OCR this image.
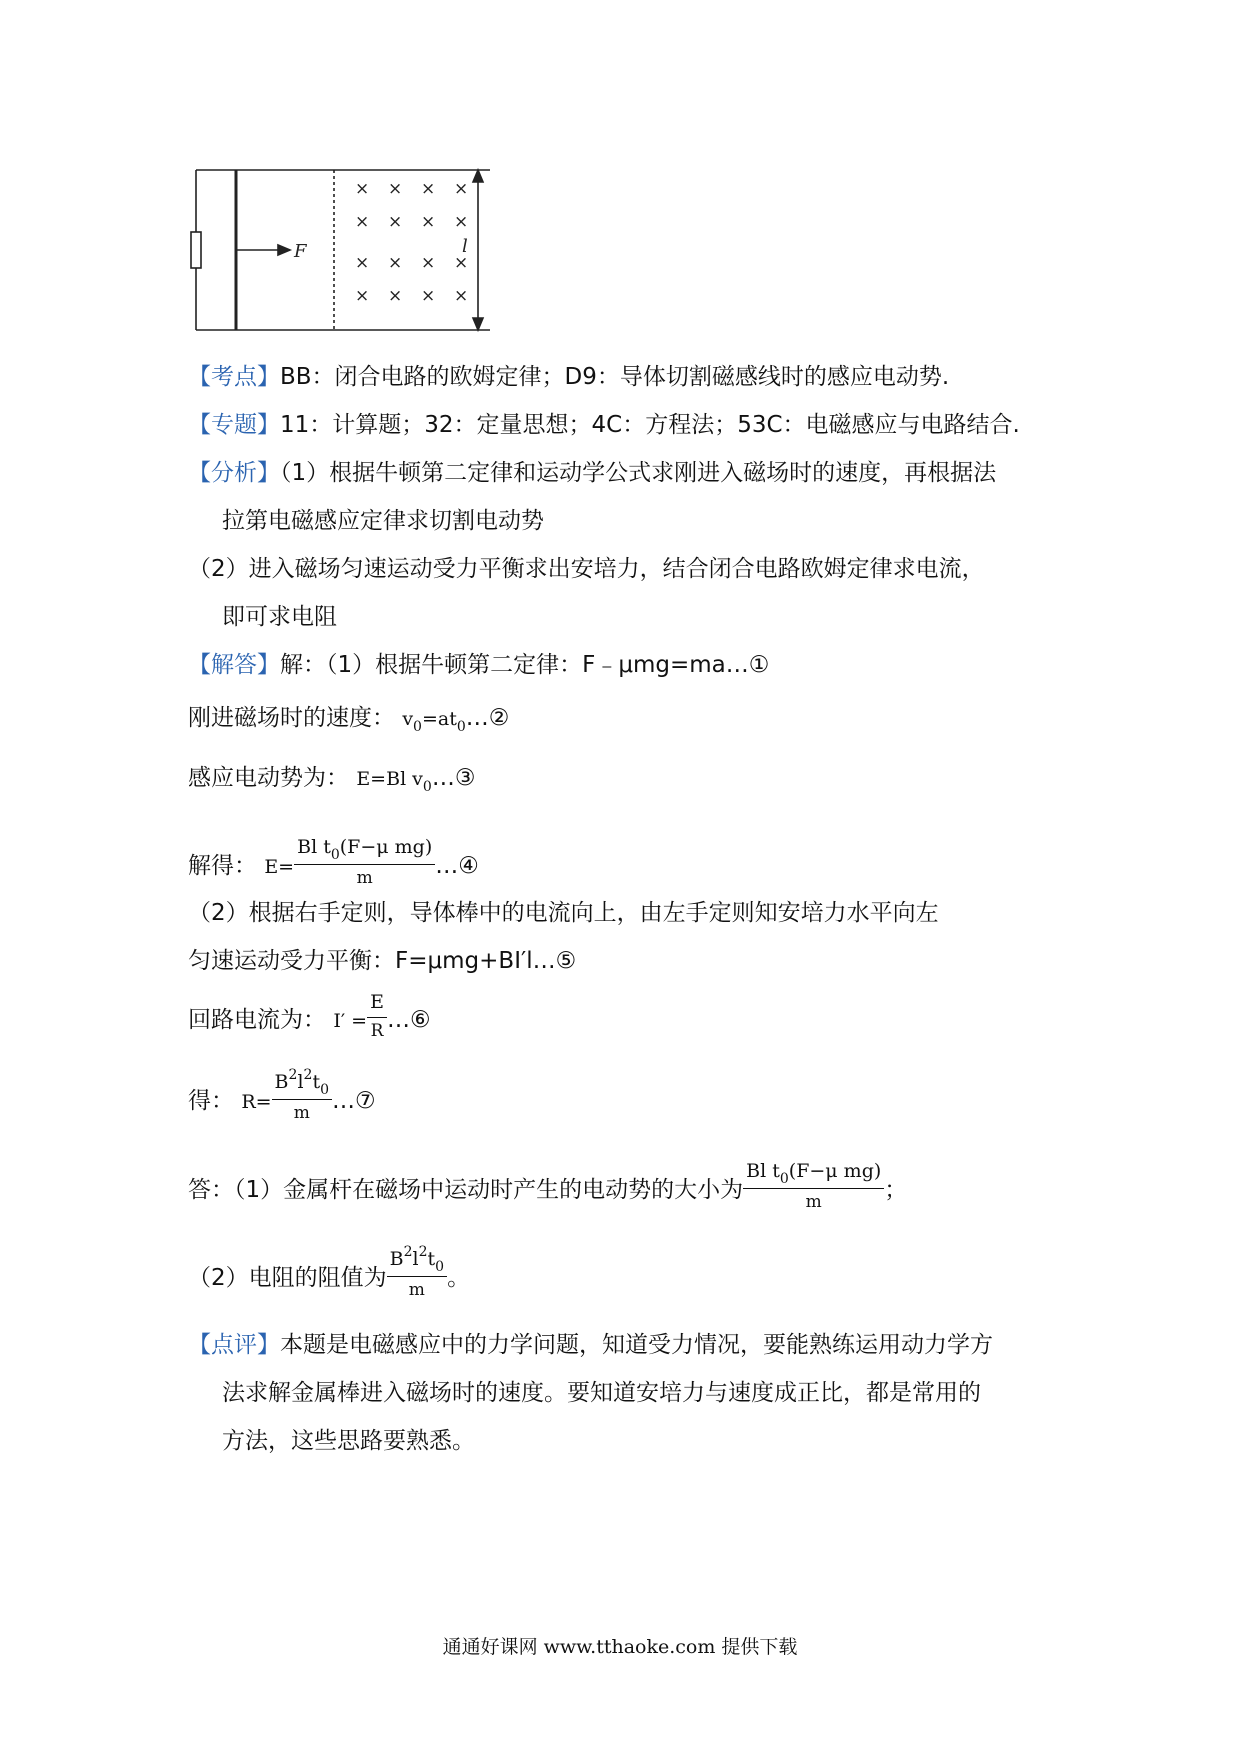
F	l
× × × ×
× × × ×
× × × ×
× × × ×
【考点】BB：闭合电路的欧姆定律；D9：导体切割磁感线时的感应电动势.
【专题】11：计算题；32：定量思想；4C：方程法；53C：电磁感应与电路结合.
【分析】（1）根据牛顿第二定律和运动学公式求刚进入磁场时的速度，再根据法
拉第电磁感应定律求切割电动势
（2）进入磁场匀速运动受力平衡求出安培力，结合闭合电路欧姆定律求电流，
即可求电阻
【解答】解：（1）根据牛顿第二定律：F﹣μmg=ma…①
刚进磁场时的速度： $v_0=at_0\dots ②$
感应电动势为： E=Bl $v_0\dots ③$
解得： $E= \frac{Bl t_0(F-\mu mg)}{m}$ …④
（2）根据右手定则，导体棒中的电流向上，由左手定则知安培力水平向左
匀速运动受力平衡：F=μmg+BI′l…⑤
回路电流为： $I' = \frac{E}{R}$ …⑥
得： $R= \frac{B^2l^2t_0}{m}$ …⑦
答：（1）金属杆在磁场中运动时产生的电动势的大小为 $\frac{Bl t_0(F-\mu mg)}{m}$ ；
（2）电阻的阻值为 $\frac{B^2l^2t_0}{m}$ 。
【点评】本题是电磁感应中的力学问题，知道受力情况，要能熟练运用动力学方
法求解金属棒进入磁场时的速度。要知道安培力与速度成正比，都是常用的
方法，这些思路要熟悉。
通通好课网 www.tthaoke.com 提供下载
